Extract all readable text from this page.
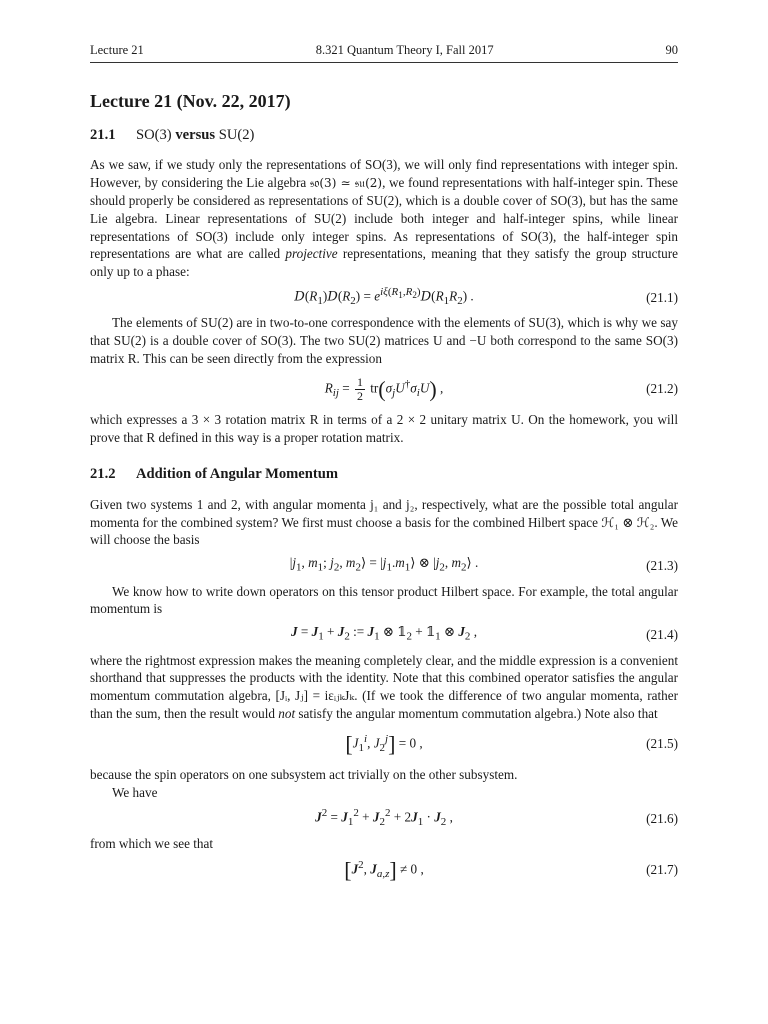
Lecture 21	8.321 Quantum Theory I, Fall 2017	90
Lecture 21 (Nov. 22, 2017)
21.1 SO(3) versus SU(2)

As we saw, if we study only the representations of SO(3), we will only find representations with integer spin. However, by considering the Lie algebra 𝔰𝔬(3) ≃ 𝔰𝔲(2), we found representations with half-integer spin. These should properly be considered as representations of SU(2), which is a double cover of SO(3), but has the same Lie algebra. Linear representations of SU(2) include both integer and half-integer spins, while linear representations of SO(3) include only integer spins. As representations of SO(3), the half-integer spin representations are what are called projective representations, meaning that they satisfy the group structure only up to a phase:

$D(R_1)D(R_2) = e^{i\xi(R_1,R_2)}D(R_1R_2)$ .	(21.1)

The elements of SU(2) are in two-to-one correspondence with the elements of SU(3), which is why we say that SU(2) is a double cover of SO(3). The two SU(2) matrices U and −U both correspond to the same SO(3) matrix R. This can be seen directly from the expression

$R_{ij} = \frac{1}{2} tr(\sigma_jU^\dagger\sigma_iU)$ ,	(21.2)

which expresses a 3 × 3 rotation matrix R in terms of a 2 × 2 unitary matrix U. On the homework, you will prove that R defined in this way is a proper rotation matrix.

21.2 Addition of Angular Momentum

Given two systems 1 and 2, with angular momenta j₁ and j₂, respectively, what are the possible total angular momenta for the combined system? We first must choose a basis for the combined Hilbert space ℋ₁ ⊗ ℋ₂. We will choose the basis

$|j_1$, $m_1$; $j_2$, $m_2⟩$ = $|j_1.m_1⟩$ ⊗ $|j_2$, $m_2⟩$ .	(21.3)

We know how to write down operators on this tensor product Hilbert space. For example, the total angular momentum is

$J = J_1 + J_2$ := $J_1$ ⊗ $𝟙_2$ + $𝟙_1$ ⊗ $J_2$ ,	(21.4)

where the rightmost expression makes the meaning completely clear, and the middle expression is a convenient shorthand that suppresses the products with the identity. Note that this combined operator satisfies the angular momentum commutation algebra, [Jᵢ, Jⱼ] = iεᵢⱼₖJₖ. (If we took the difference of two angular momenta, rather than the sum, then the result would not satisfy the angular momentum commutation algebra.) Note also that

[$J_1^i$, $J_2^j] = 0$ ,	(21.5)

because the spin operators on one subsystem act trivially on the other subsystem.

We have

$J^2 = J_1^2 + J_2^2 + 2J_1 \cdot J_2$ ,	(21.6)

from which we see that

[$J^2$, $J_{a,z}] \ne 0$ ,	(21.7)
